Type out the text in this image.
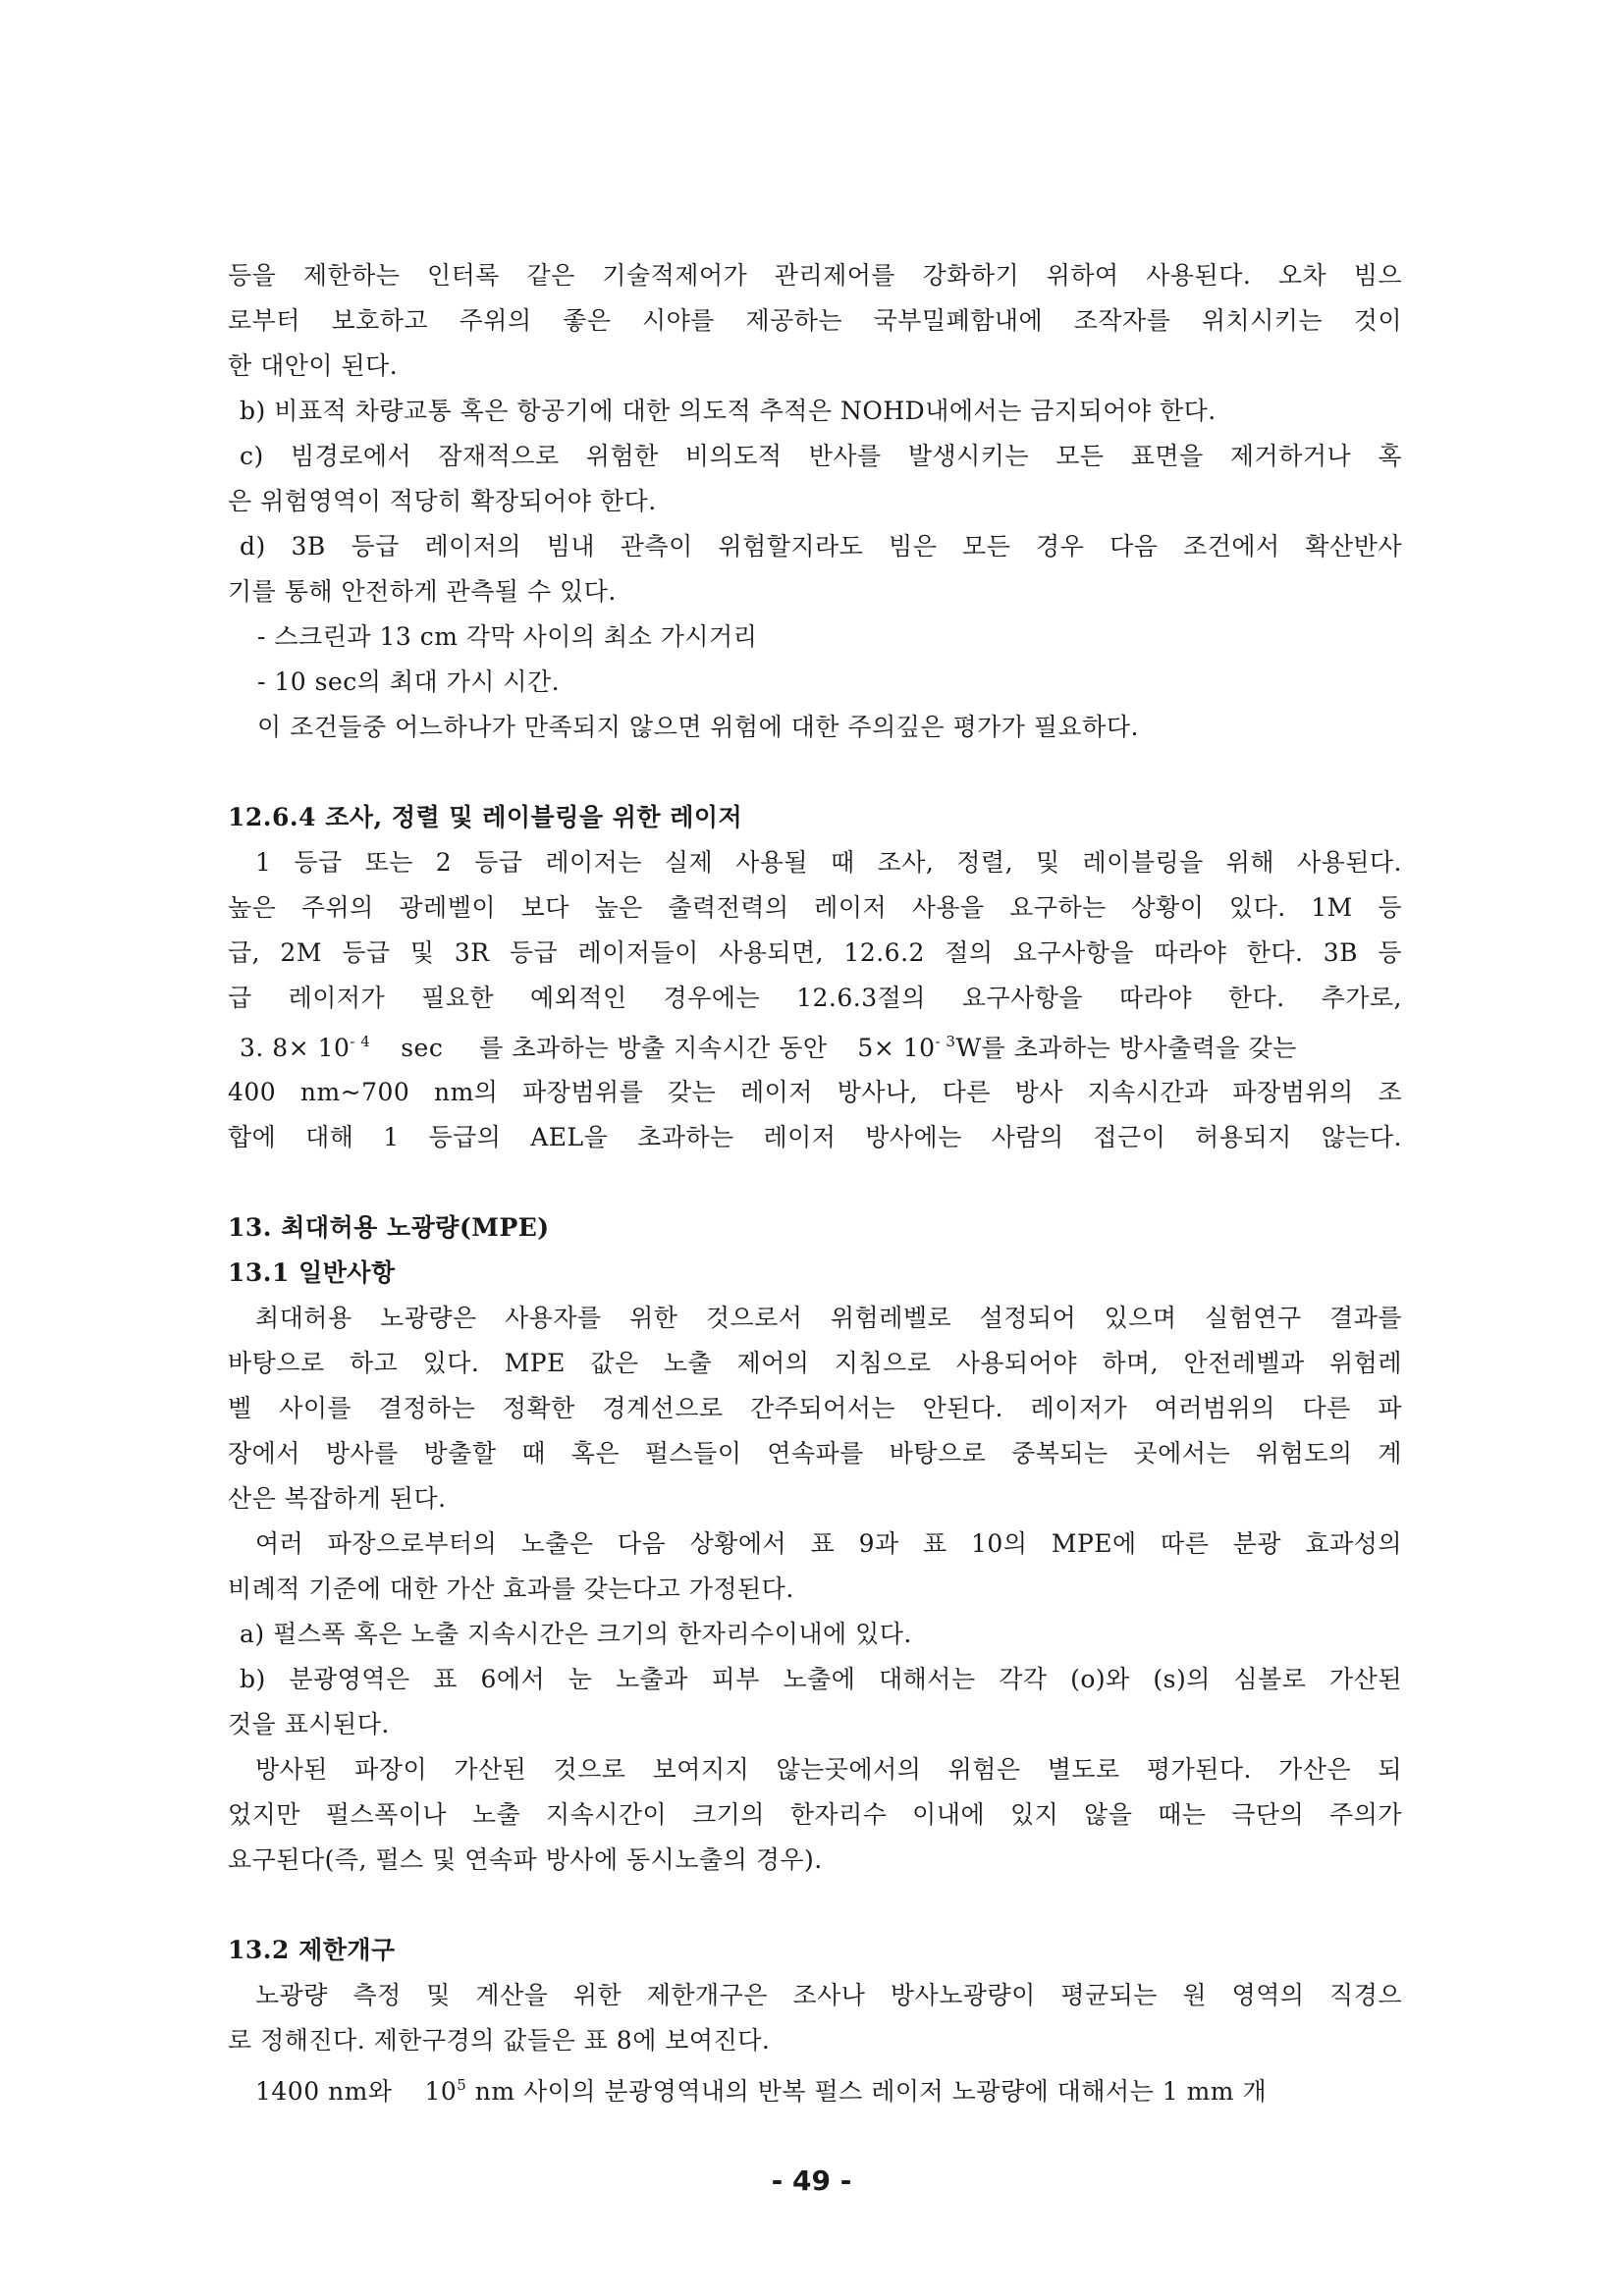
등을 제한하는 인터록 같은 기술적제어가 관리제어를 강화하기 위하여 사용된다. 오차 빔으

로부터 보호하고 주위의 좋은 시야를 제공하는 국부밀폐함내에 조작자를 위치시키는 것이

한 대안이 된다.

b) 비표적 차량교통 혹은 항공기에 대한 의도적 추적은 NOHD내에서는 금지되어야 한다.

c) 빔경로에서 잠재적으로 위험한 비의도적 반사를 발생시키는 모든 표면을 제거하거나 혹

은 위험영역이 적당히 확장되어야 한다.

d) 3B 등급 레이저의 빔내 관측이 위험할지라도 빔은 모든 경우 다음 조건에서 확산반사

기를 통해 안전하게 관측될 수 있다.

- 스크린과 13 cm 각막 사이의 최소 가시거리

- 10 sec의 최대 가시 시간.

이 조건들중 어느하나가 만족되지 않으면 위험에 대한 주의깊은 평가가 필요하다.

12.6.4 조사, 정렬 및 레이블링을 위한 레이저

1 등급 또는 2 등급 레이저는 실제 사용될 때 조사, 정렬, 및 레이블링을 위해 사용된다.

높은 주위의 광레벨이 보다 높은 출력전력의 레이저 사용을 요구하는 상황이 있다. 1M 등

급, 2M 등급 및 3R 등급 레이저들이 사용되면, 12.6.2 절의 요구사항을 따라야 한다. 3B 등

급 레이저가 필요한 예외적인 경우에는 12.6.3절의 요구사항을 따라야 한다. 추가로,

3. $8\times 10^{- 4}$ sec 를 초과하는 방출 지속시간 동안 $5\times 10^{- 3}W$를 초과하는 방사출력을 갖는

400 nm~700 nm의 파장범위를 갖는 레이저 방사나, 다른 방사 지속시간과 파장범위의 조

합에 대해 1 등급의 AEL을 초과하는 레이저 방사에는 사람의 접근이 허용되지 않는다.

13. 최대허용 노광량(MPE)

13.1 일반사항

최대허용 노광량은 사용자를 위한 것으로서 위험레벨로 설정되어 있으며 실험연구 결과를

바탕으로 하고 있다. MPE 값은 노출 제어의 지침으로 사용되어야 하며, 안전레벨과 위험레

벨 사이를 결정하는 정확한 경계선으로 간주되어서는 안된다. 레이저가 여러범위의 다른 파

장에서 방사를 방출할 때 혹은 펄스들이 연속파를 바탕으로 중복되는 곳에서는 위험도의 계

산은 복잡하게 된다.

여러 파장으로부터의 노출은 다음 상황에서 표 9과 표 10의 MPE에 따른 분광 효과성의

비례적 기준에 대한 가산 효과를 갖는다고 가정된다.

a) 펄스폭 혹은 노출 지속시간은 크기의 한자리수이내에 있다.

b) 분광영역은 표 6에서 눈 노출과 피부 노출에 대해서는 각각 (o)와 (s)의 심볼로 가산된

것을 표시된다.

방사된 파장이 가산된 것으로 보여지지 않는곳에서의 위험은 별도로 평가된다. 가산은 되

었지만 펄스폭이나 노출 지속시간이 크기의 한자리수 이내에 있지 않을 때는 극단의 주의가

요구된다(즉, 펄스 및 연속파 방사에 동시노출의 경우).

13.2 제한개구

노광량 측정 및 계산을 위한 제한개구은 조사나 방사노광량이 평균되는 원 영역의 직경으

로 정해진다. 제한구경의 값들은 표 8에 보여진다.

1400 nm와 $10^5$ nm 사이의 분광영역내의 반복 펄스 레이저 노광량에 대해서는 1 mm 개

- 49 -
